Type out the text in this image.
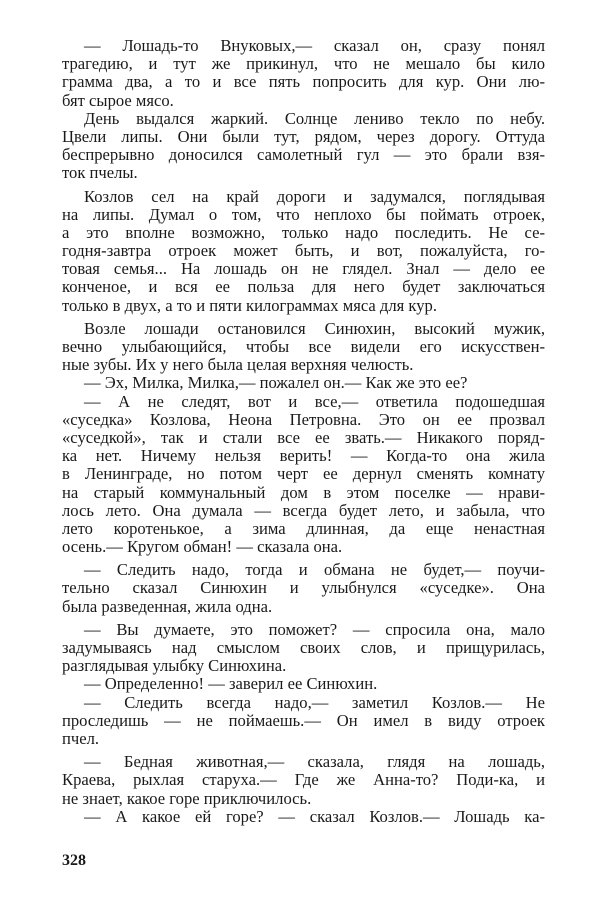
— Лошадь-то Внуковых,— сказал он, сразу понял
трагедию, и тут же прикинул, что не мешало бы кило
грамма два, а то и все пять попросить для кур. Они лю-
бят сырое мясо.
День выдался жаркий. Солнце лениво текло по небу.
Цвели липы. Они были тут, рядом, через дорогу. Оттуда
беспрерывно доносился самолетный гул — это брали взя-
ток пчелы.
Козлов сел на край дороги и задумался, поглядывая
на липы. Думал о том, что неплохо бы поймать отроек,
а это вполне возможно, только надо последить. Не се-
годня-завтра отроек может быть, и вот, пожалуйста, го-
товая семья... На лошадь он не глядел. Знал — дело ее
конченое, и вся ее польза для него будет заключаться
только в двух, а то и пяти килограммах мяса для кур.
Возле лошади остановился Синюхин, высокий мужик,
вечно улыбающийся, чтобы все видели его искусствен-
ные зубы. Их у него была целая верхняя челюсть.
— Эх, Милка, Милка,— пожалел он.— Как же это ее?
— А не следят, вот и все,— ответила подошедшая
«суседка» Козлова, Неона Петровна. Это он ее прозвал
«суседкой», так и стали все ее звать.— Никакого поряд-
ка нет. Ничему нельзя верить! — Когда-то она жила
в Ленинграде, но потом черт ее дернул сменять комнату
на старый коммунальный дом в этом поселке — нрави-
лось лето. Она думала — всегда будет лето, и забыла, что
лето коротенькое, а зима длинная, да еще ненастная
осень.— Кругом обман! — сказала она.
— Следить надо, тогда и обмана не будет,— поучи-
тельно сказал Синюхин и улыбнулся «суседке». Она
была разведенная, жила одна.
— Вы думаете, это поможет? — спросила она, мало
задумываясь над смыслом своих слов, и прищурилась,
разглядывая улыбку Синюхина.
— Определенно! — заверил ее Синюхин.
— Следить всегда надо,— заметил Козлов.— Не
проследишь — не поймаешь.— Он имел в виду отроек
пчел.
— Бедная животная,— сказала, глядя на лошадь,
Краева, рыхлая старуха.— Где же Анна-то? Поди-ка, и
не знает, какое горе приключилось.
— А какое ей горе? — сказал Козлов.— Лошадь ка-
328
